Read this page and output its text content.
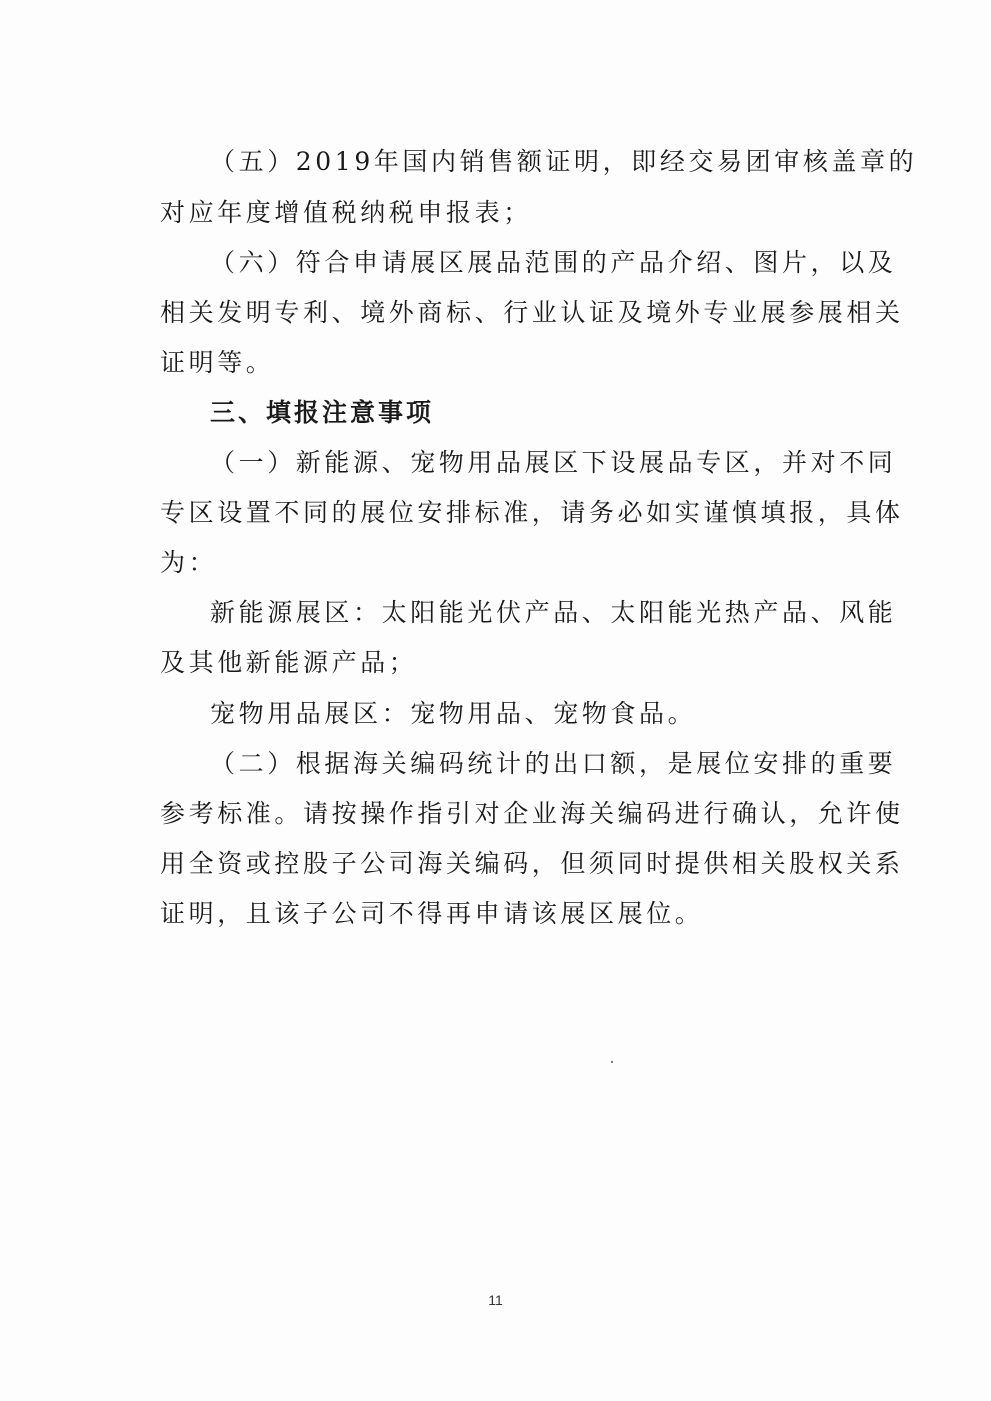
（五）2019年国内销售额证明，即经交易团审核盖章的
对应年度增值税纳税申报表；
（六）符合申请展区展品范围的产品介绍、图片，以及
相关发明专利、境外商标、行业认证及境外专业展参展相关
证明等。
三、填报注意事项
（一）新能源、宠物用品展区下设展品专区，并对不同
专区设置不同的展位安排标准，请务必如实谨慎填报，具体
为：
新能源展区：太阳能光伏产品、太阳能光热产品、风能
及其他新能源产品；
宠物用品展区：宠物用品、宠物食品。
（二）根据海关编码统计的出口额，是展位安排的重要
参考标准。请按操作指引对企业海关编码进行确认，允许使
用全资或控股子公司海关编码，但须同时提供相关股权关系
证明，且该子公司不得再申请该展区展位。
11
